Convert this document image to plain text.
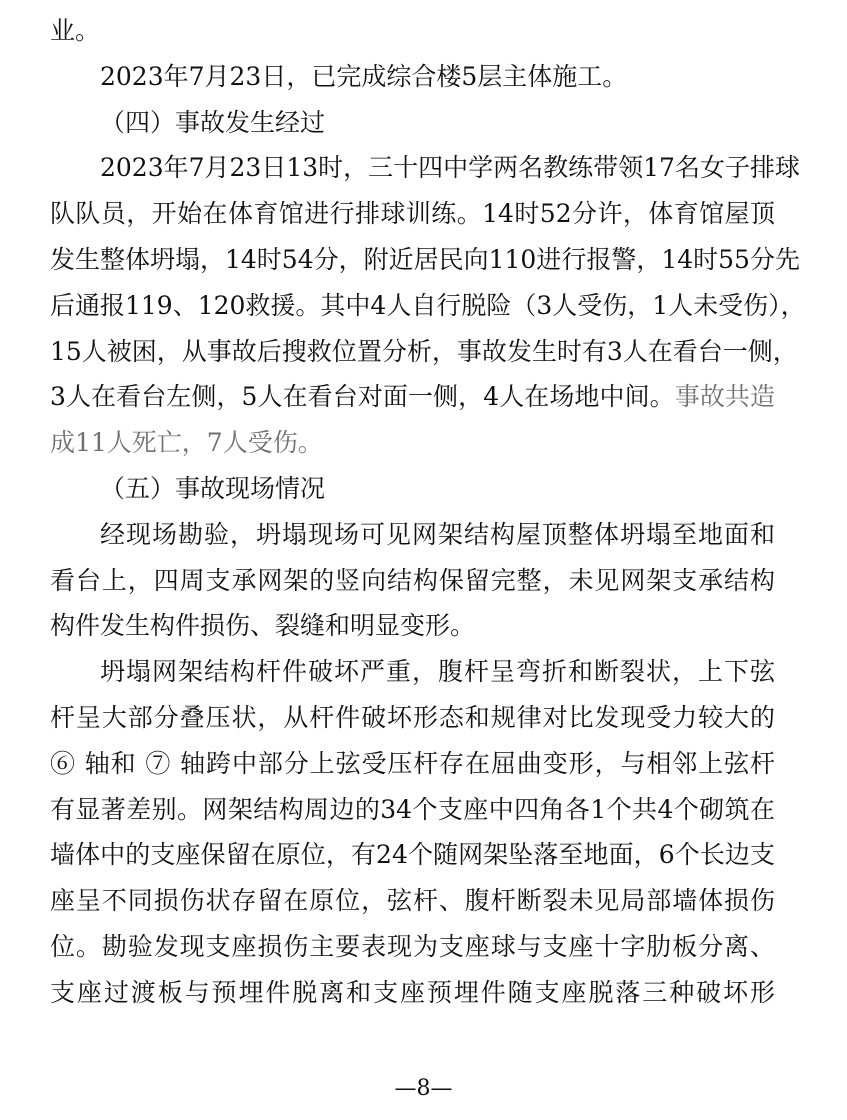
业。
2023年7月23日，已完成综合楼5层主体施工。
（四）事故发生经过
2023年7月23日13时，三十四中学两名教练带领17名女子排球
队队员，开始在体育馆进行排球训练。14时52分许，体育馆屋顶
发生整体坍塌，14时54分，附近居民向110进行报警，14时55分先
后通报119、120救援。其中4人自行脱险（3人受伤，1人未受伤），
15人被困，从事故后搜救位置分析，事故发生时有3人在看台一侧，
3人在看台左侧，5人在看台对面一侧，4人在场地中间。事故共造
成11人死亡，7人受伤。
（五）事故现场情况
经现场勘验，坍塌现场可见网架结构屋顶整体坍塌至地面和
看台上，四周支承网架的竖向结构保留完整，未见网架支承结构
构件发生构件损伤、裂缝和明显变形。
坍塌网架结构杆件破坏严重，腹杆呈弯折和断裂状，上下弦
杆呈大部分叠压状，从杆件破坏形态和规律对比发现受力较大的
⑥ 轴和 ⑦ 轴跨中部分上弦受压杆存在屈曲变形，与相邻上弦杆
有显著差别。网架结构周边的34个支座中四角各1个共4个砌筑在
墙体中的支座保留在原位，有24个随网架坠落至地面，6个长边支
座呈不同损伤状存留在原位，弦杆、腹杆断裂未见局部墙体损伤
位。勘验发现支座损伤主要表现为支座球与支座十字肋板分离、
支座过渡板与预埋件脱离和支座预埋件随支座脱落三种破坏形
—8—
